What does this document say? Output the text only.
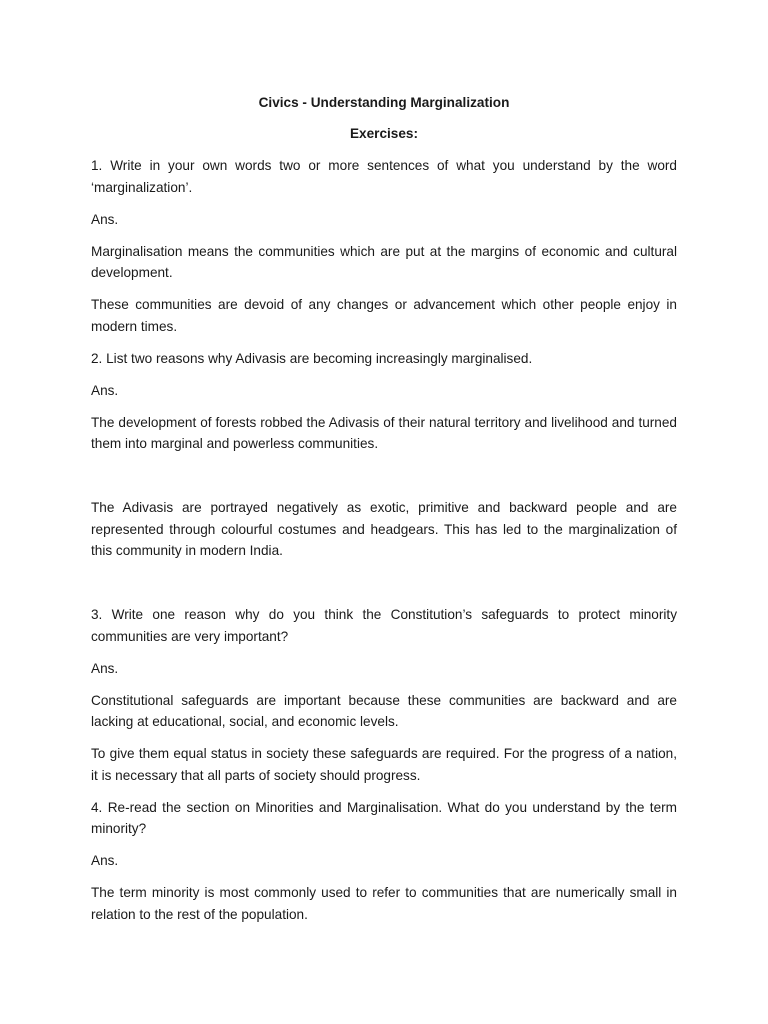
Civics - Understanding Marginalization
Exercises:

1. Write in your own words two or more sentences of what you understand by the word ‘marginalization’.

Ans.

Marginalisation means the communities which are put at the margins of economic and cultural development.

These communities are devoid of any changes or advancement which other people enjoy in modern times.

2. List two reasons why Adivasis are becoming increasingly marginalised.

Ans.

The development of forests robbed the Adivasis of their natural territory and livelihood and turned them into marginal and powerless communities.

The Adivasis are portrayed negatively as exotic, primitive and backward people and are represented through colourful costumes and headgears. This has led to the marginalization of this community in modern India.

3. Write one reason why do you think the Constitution’s safeguards to protect minority communities are very important?

Ans.

Constitutional safeguards are important because these communities are backward and are lacking at educational, social, and economic levels.

To give them equal status in society these safeguards are required. For the progress of a nation, it is necessary that all parts of society should progress.

4. Re-read the section on Minorities and Marginalisation. What do you understand by the term minority?

Ans.

The term minority is most commonly used to refer to communities that are numerically small in relation to the rest of the population.
